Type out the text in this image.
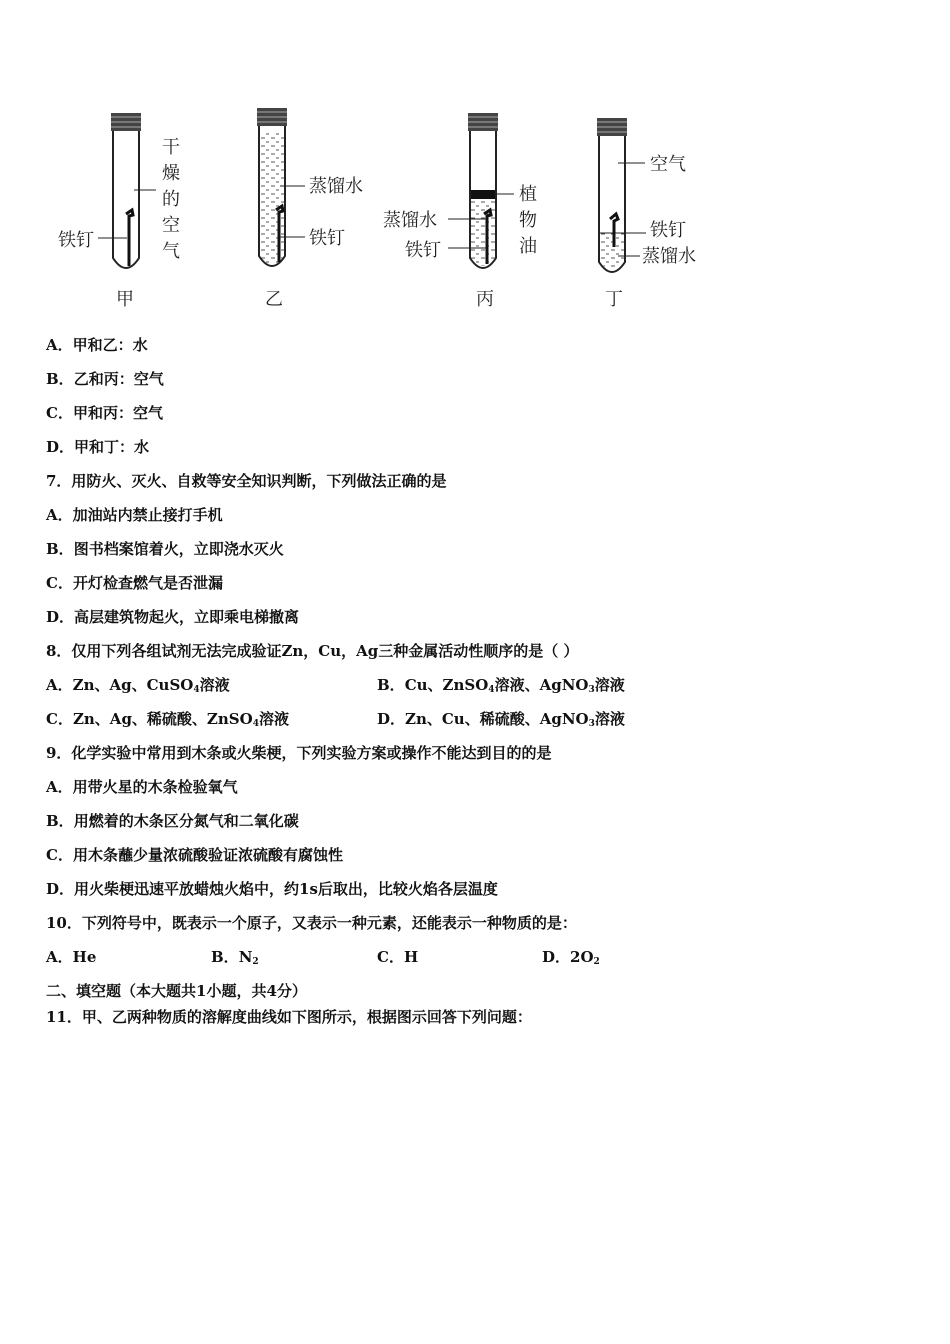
铁钉
干
燥
的
空
气
甲
蒸馏水
铁钉
乙
蒸馏水
铁钉
植
物
油
丙
空气
铁钉
蒸馏水
丁
A．甲和乙：水
B．乙和丙：空气
C．甲和丙：空气
D．甲和丁：水
7．用防火、灭火、自救等安全知识判断，下列做法正确的是
A．加油站内禁止接打手机
B．图书档案馆着火，立即浇水灭火
C．开灯检查燃气是否泄漏
D．高层建筑物起火，立即乘电梯撤离
8．仅用下列各组试剂无法完成验证Zn，Cu，Ag三种金属活动性顺序的是（ ）
A．Zn、Ag、CuSO$_4$溶液	B．Cu、ZnSO$_4$溶液、AgNO$_3$溶液
C．Zn、Ag、稀硫酸、ZnSO$_4$溶液	D．Zn、Cu、稀硫酸、AgNO$_3$溶液
9．化学实验中常用到木条或火柴梗，下列实验方案或操作不能达到目的的是
A．用带火星的木条检验氧气
B．用燃着的木条区分氮气和二氧化碳
C．用木条蘸少量浓硫酸验证浓硫酸有腐蚀性
D．用火柴梗迅速平放蜡烛火焰中，约1s后取出，比较火焰各层温度
10．下列符号中，既表示一个原子，又表示一种元素，还能表示一种物质的是：
A．He	B．$N_2$	C．H	D．$2O_2$
二、填空题（本大题共1小题，共4分）
11．甲、乙两种物质的溶解度曲线如下图所示，根据图示回答下列问题：
